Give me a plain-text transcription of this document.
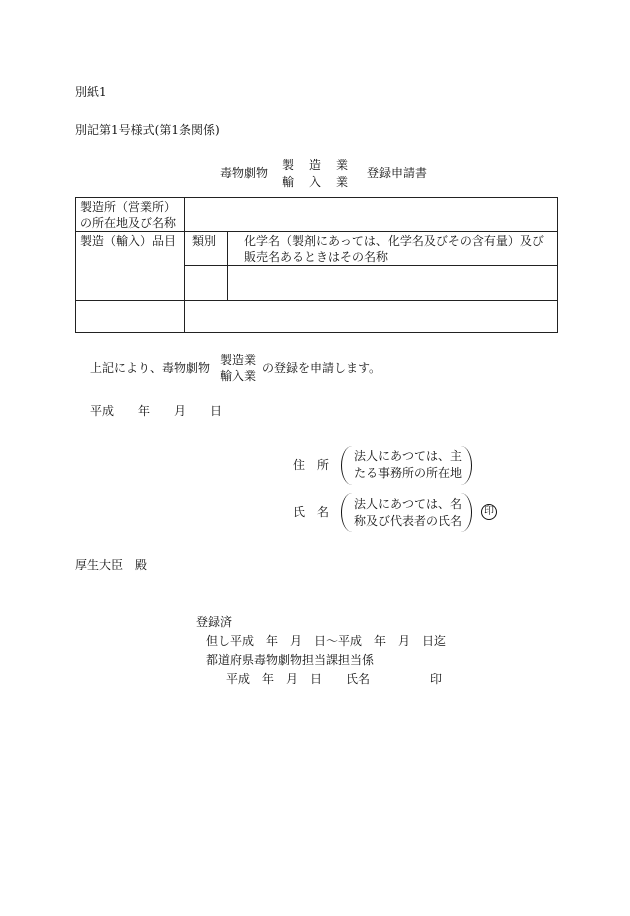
別紙1
別記第1号様式(第1条関係)
毒物劇物
製　造　業
輸　入　業
登録申請書
製造所（営業所）
の所在地及び名称		

製造（輸入）品目	類別	化学名（製剤にあっては、化学名及びその含有量）及び
販売名あるときはその名称

上記により、毒物劇物
製造業
輸入業
の登録を申請します。
平成　　年　　月　　日
住　所
法人にあつては、主
たる事務所の所在地
氏　名
法人にあつては、名
称及び代表者の氏名
印
厚生大臣　殿
登録済
但し平成　年　月　日〜平成　年　月　日迄
都道府県毒物劇物担当課担当係
平成　年　月　日　　氏名　　　　　印
